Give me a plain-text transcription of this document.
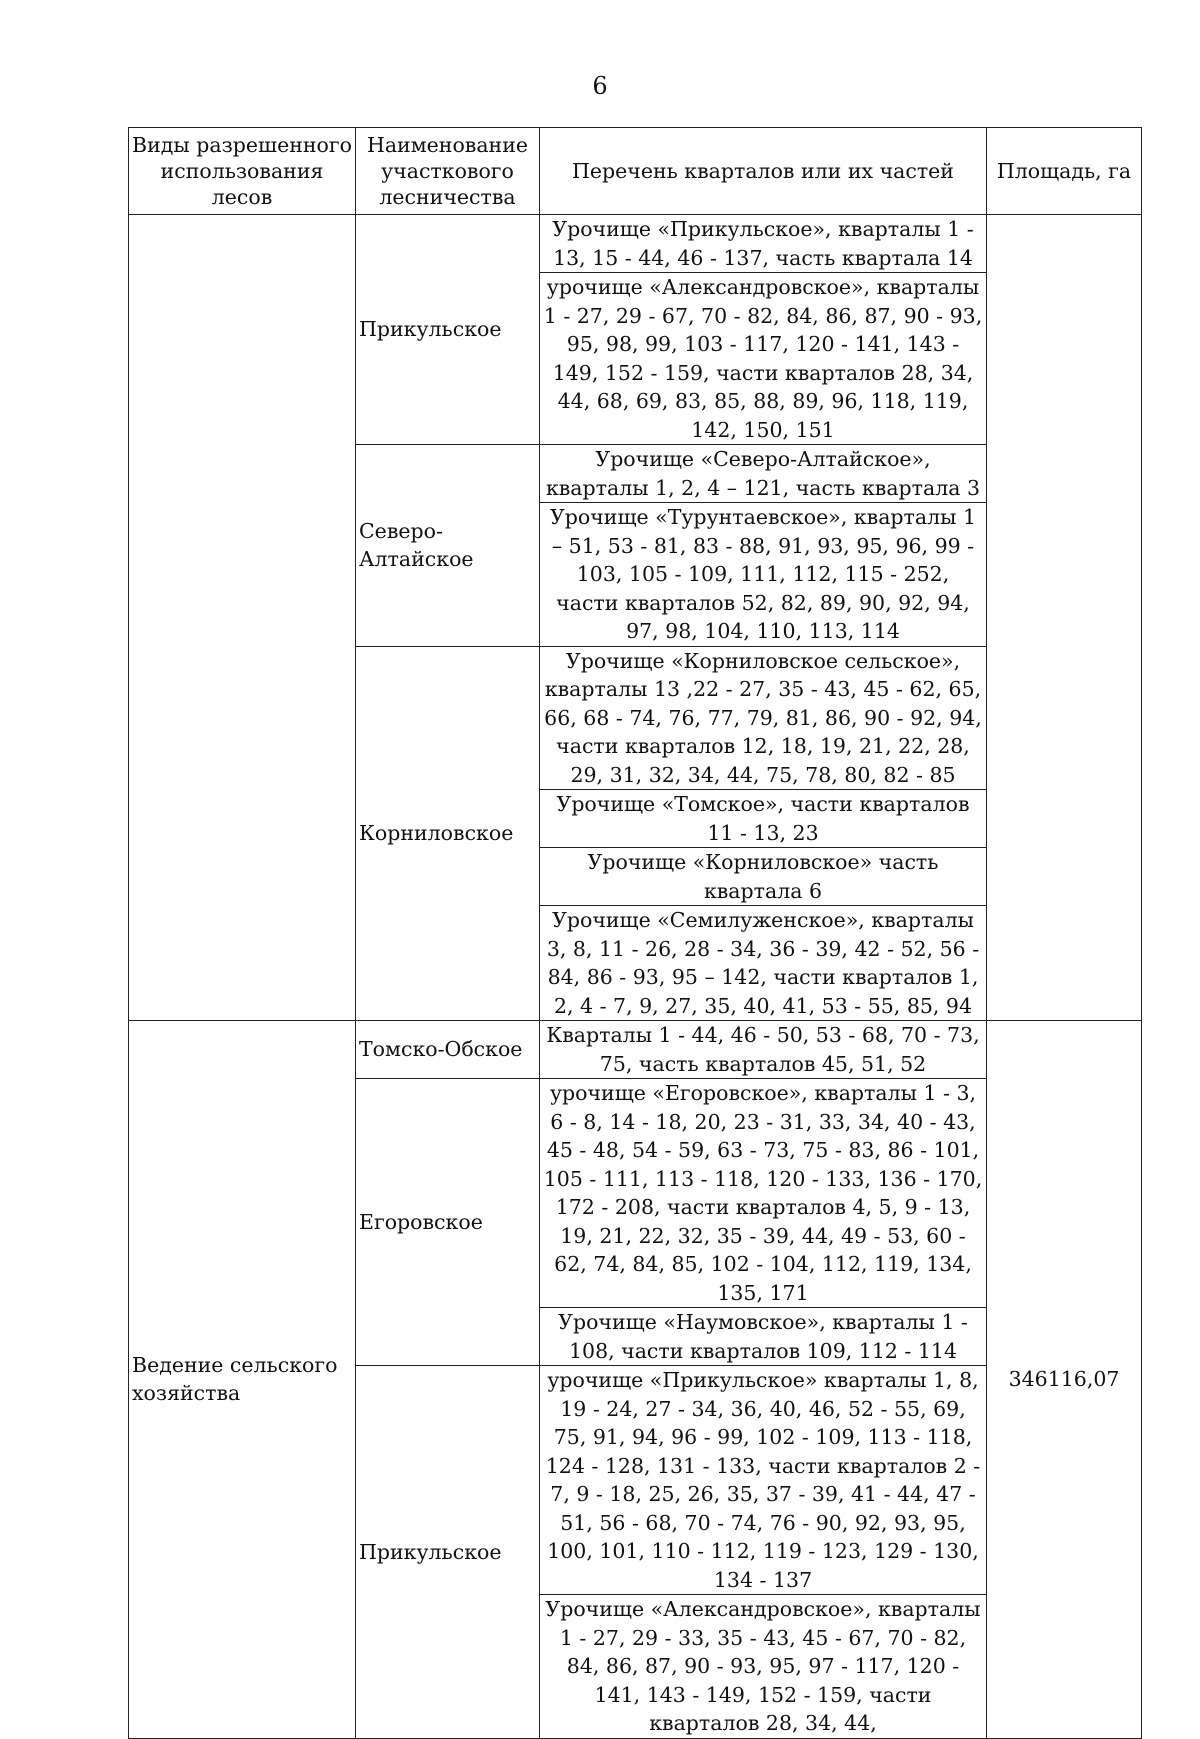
6
Виды разрешенного использования лесов	Наименование участкового лесничества	Перечень кварталов или их частей	Площадь, га
	Прикульское	Урочище «Прикульское», кварталы 1 - 13, 15 - 44, 46 - 137, часть квартала 14	
		урочище «Александровское», кварталы 1 - 27, 29 - 67, 70 - 82, 84, 86, 87, 90 - 93, 95, 98, 99, 103 - 117, 120 - 141, 143 - 149, 152 - 159, части кварталов 28, 34, 44, 68, 69, 83, 85, 88, 89, 96, 118, 119, 142, 150, 151	
	Северо-Алтайское	Урочище «Северо-Алтайское», кварталы 1, 2, 4 – 121, часть квартала 3	
		Урочище «Турунтаевское», кварталы 1 – 51, 53 - 81, 83 - 88, 91, 93, 95, 96, 99 - 103, 105 - 109, 111, 112, 115 - 252, части кварталов 52, 82, 89, 90, 92, 94, 97, 98, 104, 110, 113, 114	
	Корниловское	Урочище «Корниловское сельское», кварталы 13 ,22 - 27, 35 - 43, 45 - 62, 65, 66, 68 - 74, 76, 77, 79, 81, 86, 90 - 92, 94, части кварталов 12, 18, 19, 21, 22, 28, 29, 31, 32, 34, 44, 75, 78, 80, 82 - 85	
		Урочище «Томское», части кварталов 11 - 13, 23	
		Урочище «Корниловское» часть квартала 6	
		Урочище «Семилуженское», кварталы 3, 8, 11 - 26, 28 - 34, 36 - 39, 42 - 52, 56 - 84, 86 - 93, 95 – 142, части кварталов 1, 2, 4 - 7, 9, 27, 35, 40, 41, 53 - 55, 85, 94	
Ведение сельского хозяйства	Томско-Обское	Кварталы 1 - 44, 46 - 50, 53 - 68, 70 - 73, 75, часть кварталов 45, 51, 52	346116,07
	Егоровское	урочище «Егоровское», кварталы 1 - 3, 6 - 8, 14 - 18, 20, 23 - 31, 33, 34, 40 - 43, 45 - 48, 54 - 59, 63 - 73, 75 - 83, 86 - 101, 105 - 111, 113 - 118, 120 - 133, 136 - 170, 172 - 208, части кварталов 4, 5, 9 - 13, 19, 21, 22, 32, 35 - 39, 44, 49 - 53, 60 - 62, 74, 84, 85, 102 - 104, 112, 119, 134, 135, 171	
		Урочище «Наумовское», кварталы 1 - 108, части кварталов 109, 112 - 114	
	Прикульское	урочище «Прикульское» кварталы 1, 8, 19 - 24, 27 - 34, 36, 40, 46, 52 - 55, 69, 75, 91, 94, 96 - 99, 102 - 109, 113 - 118, 124 - 128, 131 - 133, части кварталов 2 - 7, 9 - 18, 25, 26, 35, 37 - 39, 41 - 44, 47 - 51, 56 - 68, 70 - 74, 76 - 90, 92, 93, 95, 100, 101, 110 - 112, 119 - 123, 129 - 130, 134 - 137	
		Урочище «Александровское», кварталы 1 - 27, 29 - 33, 35 - 43, 45 - 67, 70 - 82, 84, 86, 87, 90 - 93, 95, 97 - 117, 120 - 141, 143 - 149, 152 - 159, части кварталов 28, 34, 44,	
